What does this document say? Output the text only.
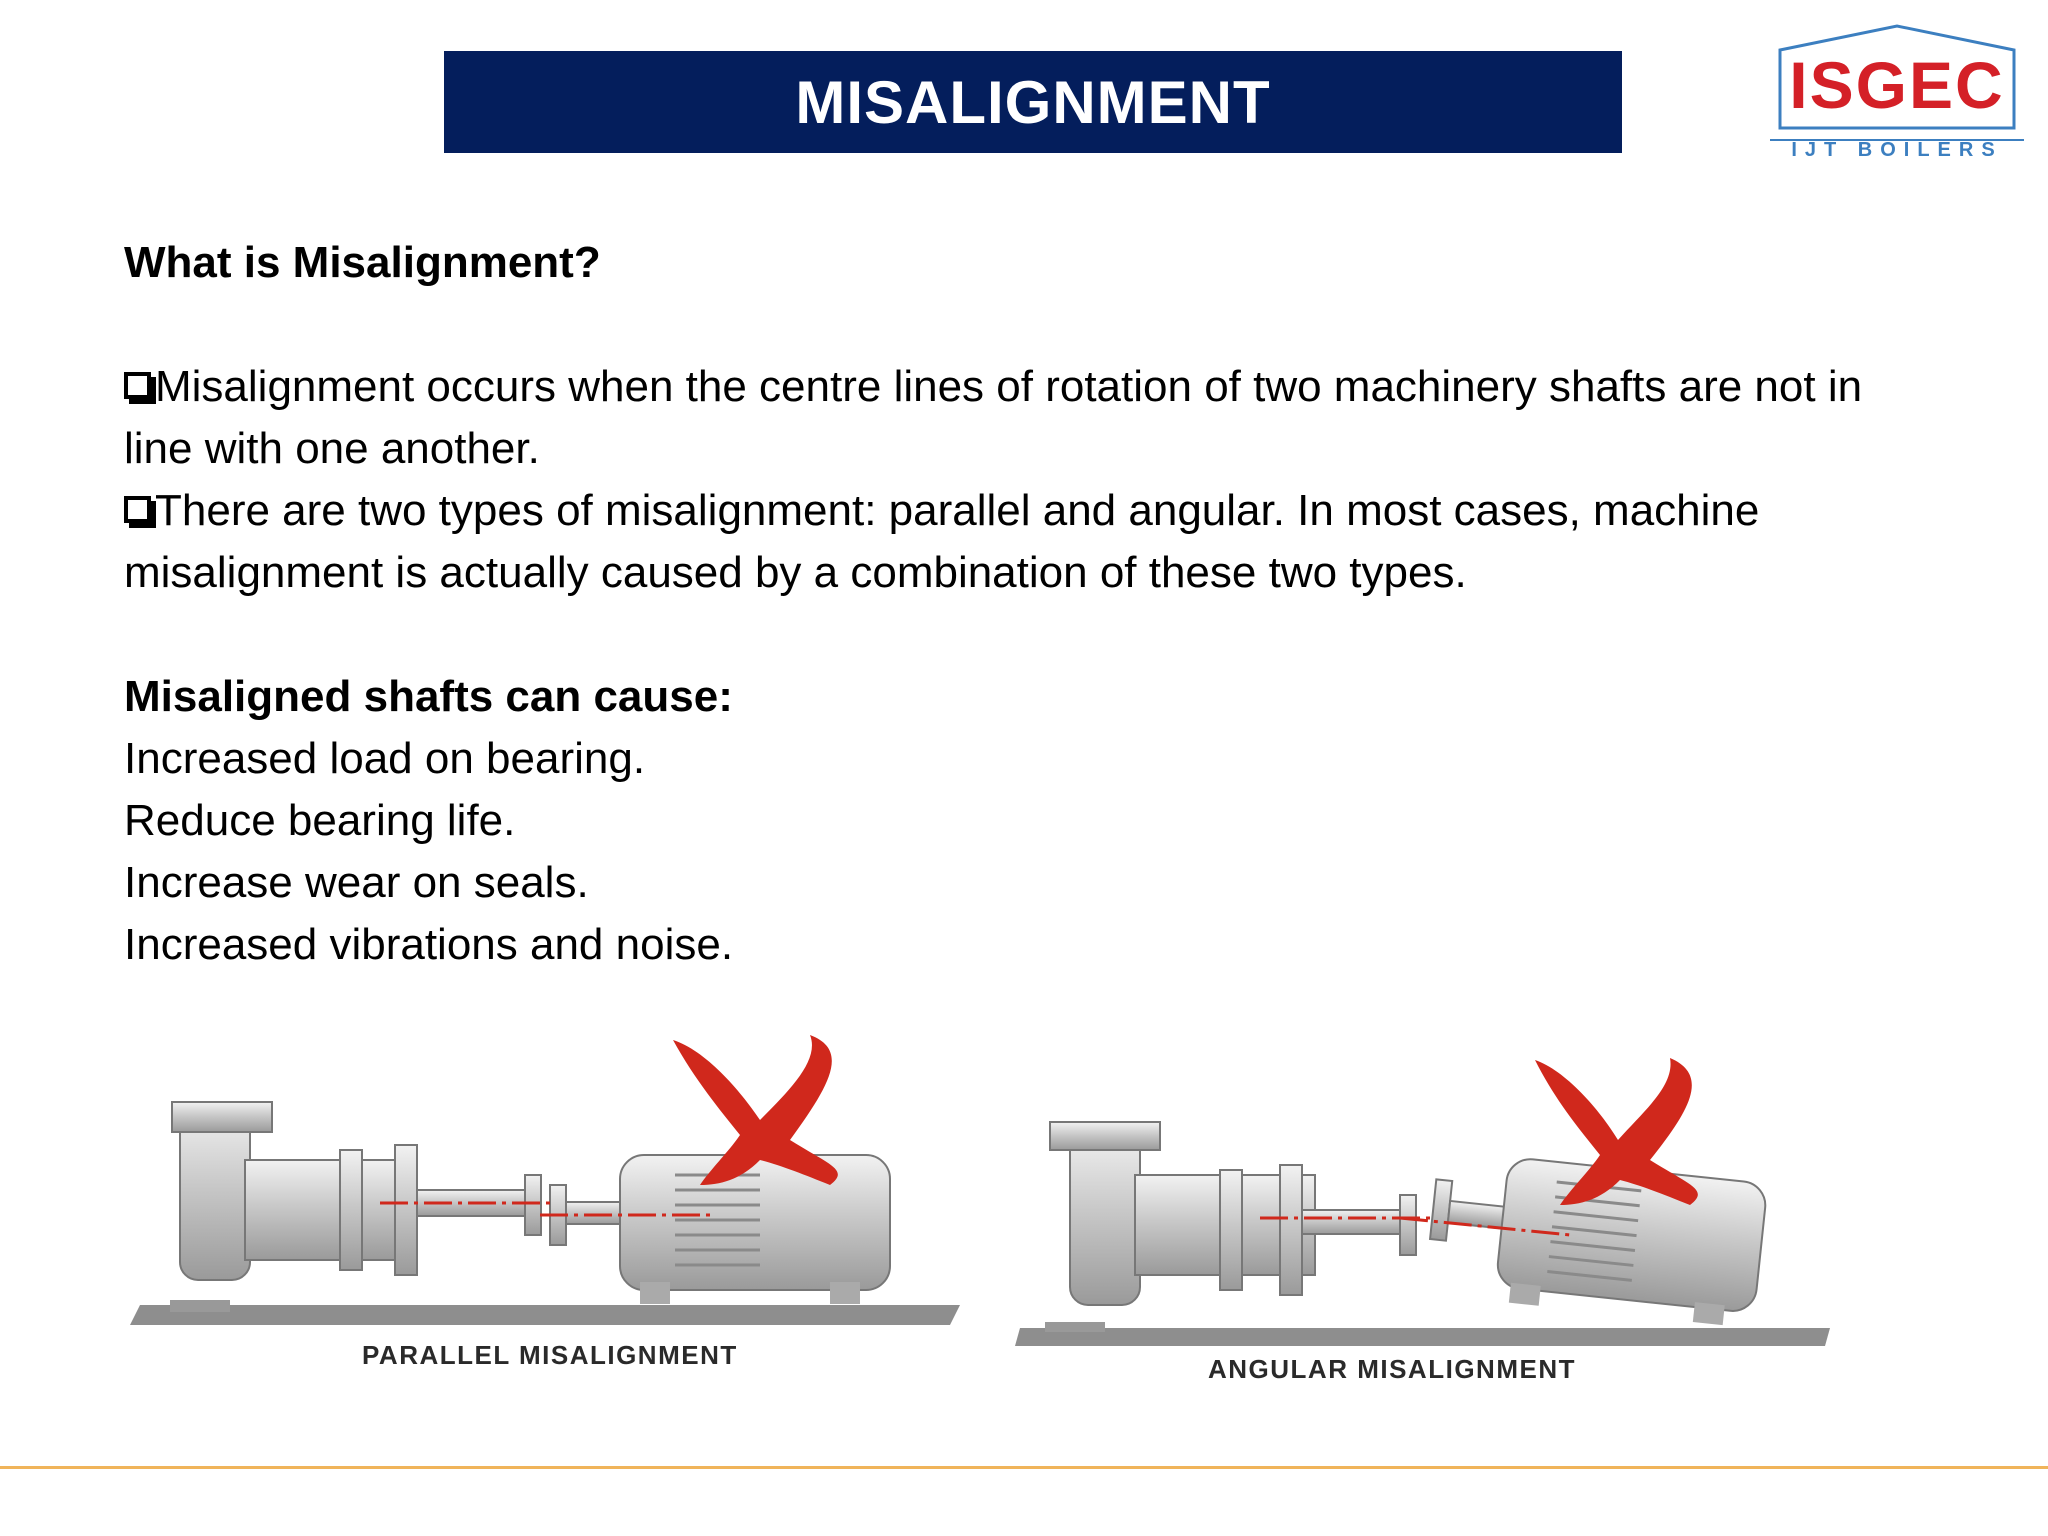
MISALIGNMENT	ISGEC
IJT BOILERS

What is Misalignment?

Misalignment occurs when the centre lines of rotation of two machinery shafts are not in line with one another.

There are two types of misalignment: parallel and angular. In most cases, machine misalignment is actually caused by a combination of these two types.

Misaligned shafts can cause:

Increased load on bearing.

Reduce bearing life.

Increase wear on seals.

Increased vibrations and noise.

PARALLEL MISALIGNMENT	ANGULAR MISALIGNMENT
